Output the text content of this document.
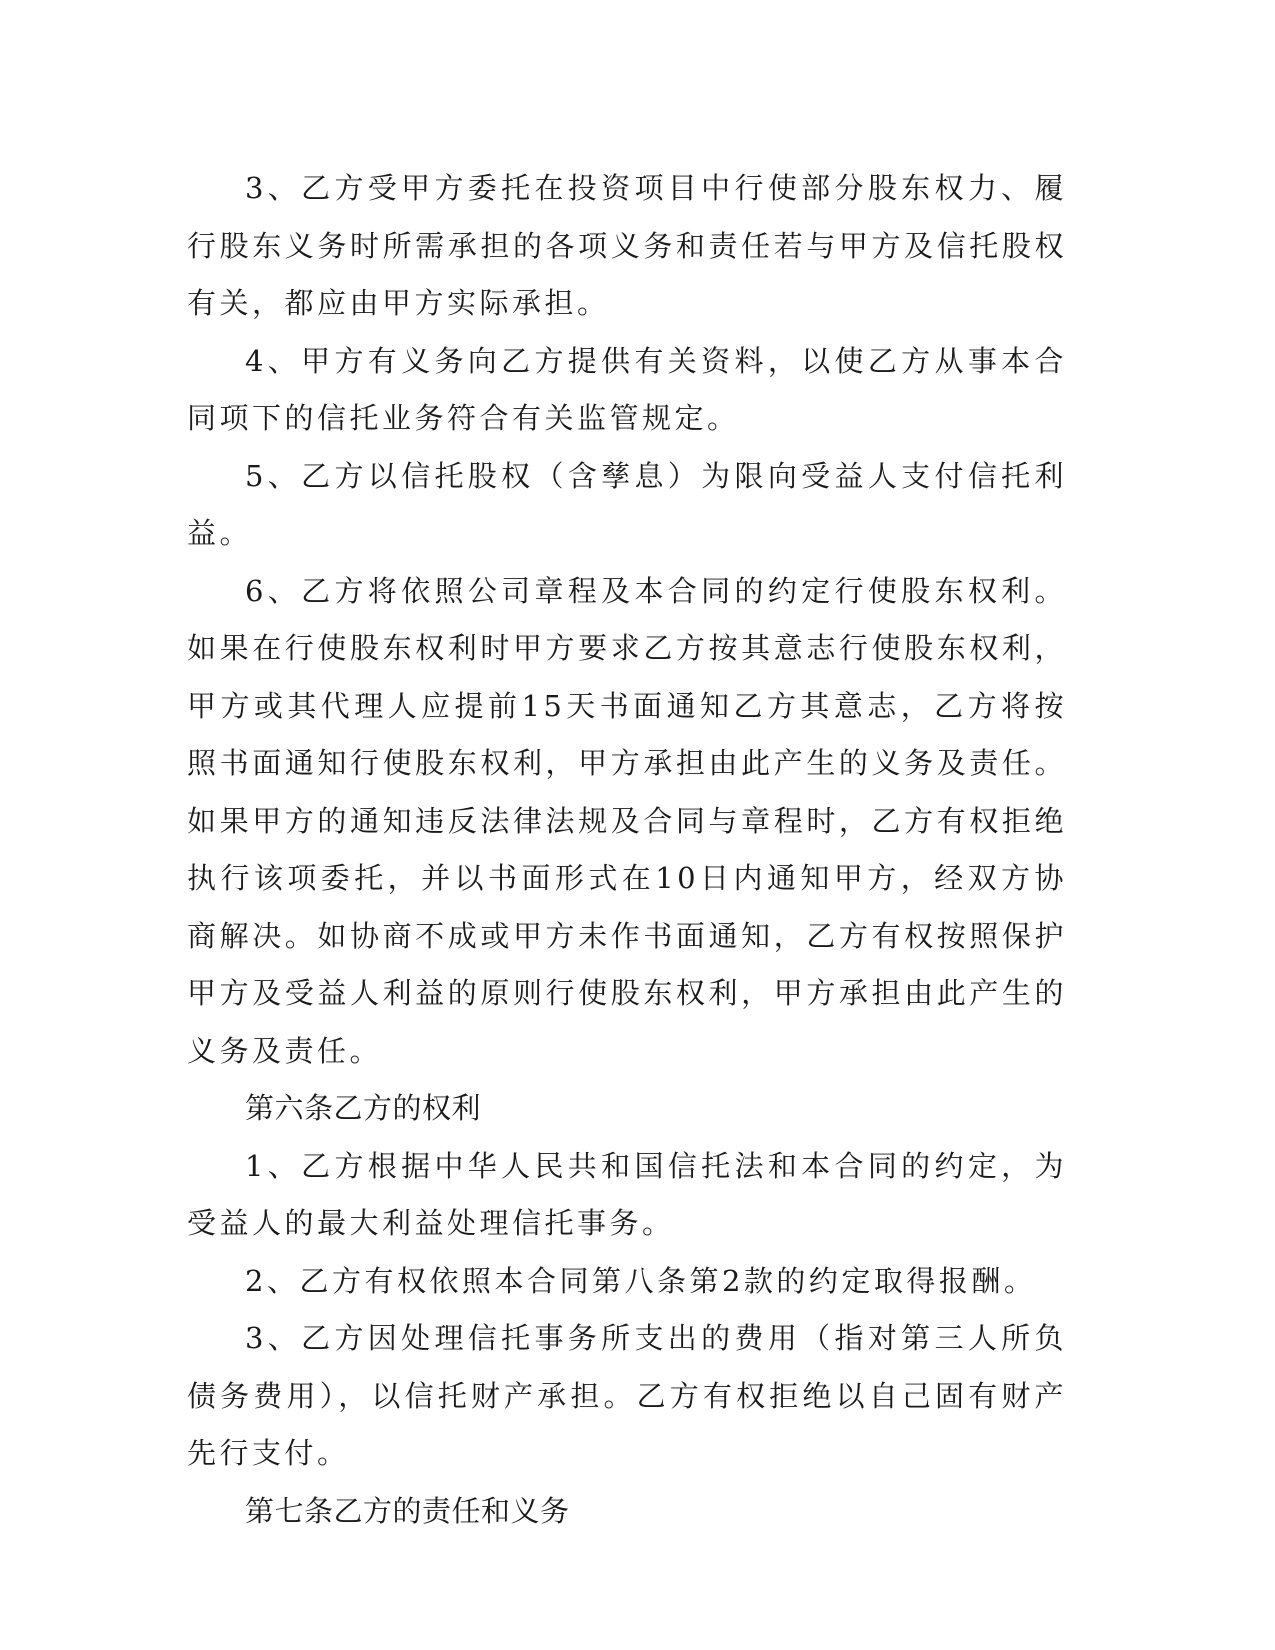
3、乙方受甲方委托在投资项目中行使部分股东权力、履行股东义务时所需承担的各项义务和责任若与甲方及信托股权有关，都应由甲方实际承担。

4、甲方有义务向乙方提供有关资料，以使乙方从事本合同项下的信托业务符合有关监管规定。

5、乙方以信托股权（含孳息）为限向受益人支付信托利益。

6、乙方将依照公司章程及本合同的约定行使股东权利。如果在行使股东权利时甲方要求乙方按其意志行使股东权利，甲方或其代理人应提前15天书面通知乙方其意志，乙方将按照书面通知行使股东权利，甲方承担由此产生的义务及责任。如果甲方的通知违反法律法规及合同与章程时，乙方有权拒绝执行该项委托，并以书面形式在10日内通知甲方，经双方协商解决。如协商不成或甲方未作书面通知，乙方有权按照保护甲方及受益人利益的原则行使股东权利，甲方承担由此产生的义务及责任。

第六条乙方的权利

1、乙方根据中华人民共和国信托法和本合同的约定，为受益人的最大利益处理信托事务。

2、乙方有权依照本合同第八条第2款的约定取得报酬。

3、乙方因处理信托事务所支出的费用（指对第三人所负债务费用），以信托财产承担。乙方有权拒绝以自己固有财产先行支付。

第七条乙方的责任和义务
